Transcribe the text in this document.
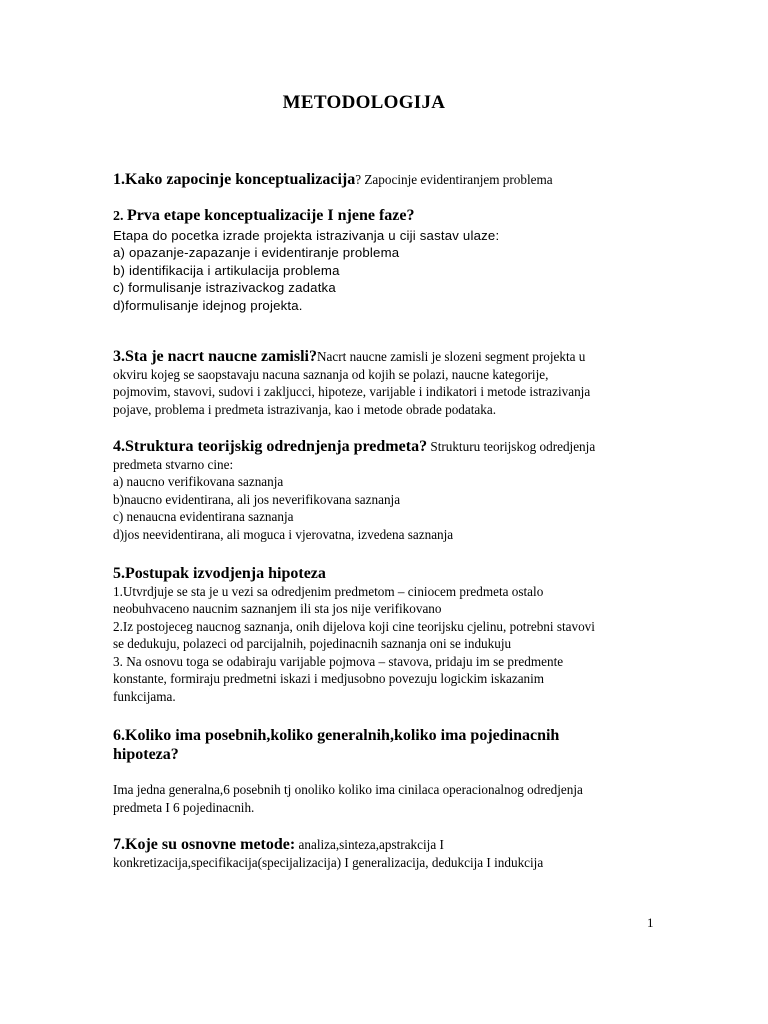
METODOLOGIJA
1.Kako zapocinje konceptualizacija? Zapocinje evidentiranjem problema
2. Prva etape konceptualizacije I njene faze?
Etapa do pocetka izrade projekta istrazivanja u ciji sastav ulaze:
a) opazanje-zapazanje i evidentiranje problema
b) identifikacija i artikulacija problema
c) formulisanje istrazivackog zadatka
d)formulisanje idejnog projekta.
3.Sta je nacrt naucne zamisli?Nacrt naucne zamisli je slozeni segment projekta u
okviru kojeg se saopstavaju nacuna saznanja od kojih se polazi, naucne kategorije,
pojmovim, stavovi, sudovi i zakljucci, hipoteze, varijable i indikatori i metode istrazivanja
pojave, problema i predmeta istrazivanja, kao i metode obrade podataka.
4.Struktura teorijskig odrednjenja predmeta? Strukturu teorijskog odredjenja
predmeta stvarno cine:
a) naucno verifikovana saznanja
b)naucno evidentirana, ali jos neverifikovana saznanja
c) nenaucna evidentirana saznanja
d)jos neevidentirana, ali moguca i vjerovatna, izvedena saznanja
5.Postupak izvodjenja hipoteza
1.Utvrdjuje se sta je u vezi sa odredjenim predmetom – ciniocem predmeta ostalo
neobuhvaceno naucnim saznanjem ili sta jos nije verifikovano
2.Iz postojeceg naucnog saznanja, onih dijelova koji cine teorijsku cjelinu, potrebni stavovi
se dedukuju, polazeci od parcijalnih, pojedinacnih saznanja oni se indukuju
3. Na osnovu toga se odabiraju varijable pojmova – stavova, pridaju im se predmente
konstante, formiraju predmetni iskazi i medjusobno povezuju logickim iskazanim
funkcijama.
6.Koliko ima posebnih,koliko generalnih,koliko ima pojedinacnih
hipoteza?
Ima jedna generalna,6 posebnih tj onoliko koliko ima cinilaca operacionalnog odredjenja
predmeta I 6 pojedinacnih.
7.Koje su osnovne metode: analiza,sinteza,apstrakcija I
konkretizacija,specifikacija(specijalizacija) I generalizacija, dedukcija I indukcija
1
